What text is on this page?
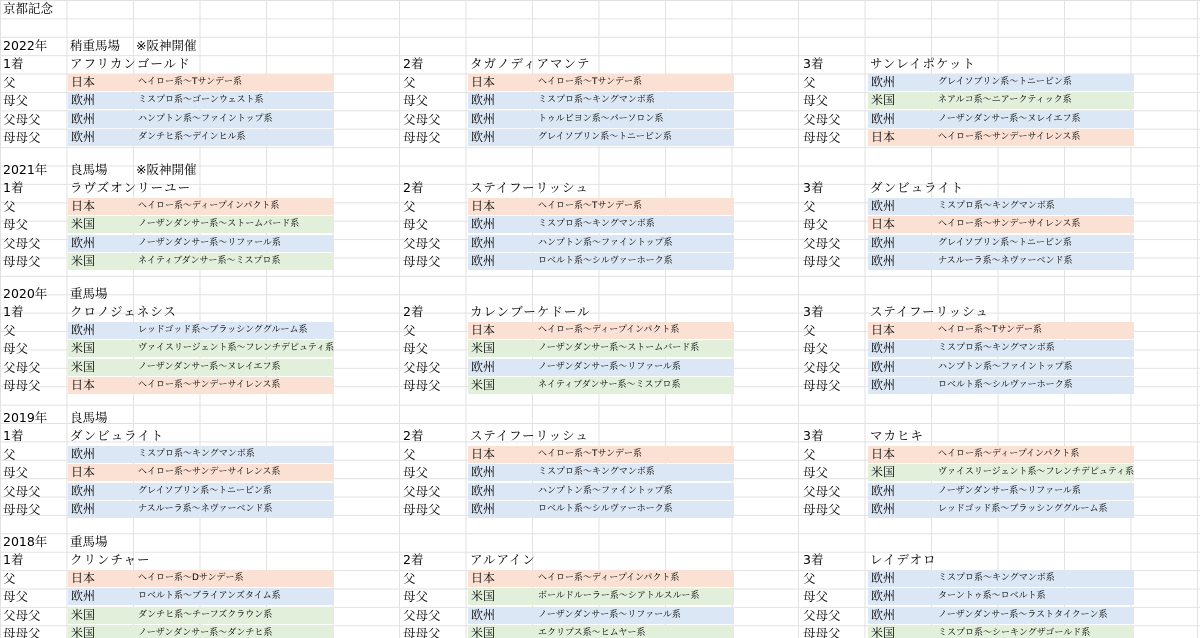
京都記念
2022年 稍重馬場 ※阪神開催
1着	アフリカンゴールド
父	日本	ヘイロー系〜Tサンデー系
母父	欧州	ミスプロ系〜ゴーンウェスト系
父母父	欧州	ハンプトン系〜ファイントップ系
母母父	欧州	ダンチヒ系〜デインヒル系
2着	タガノディアマンテ
父	日本	ヘイロー系〜Tサンデー系
母父	欧州	ミスプロ系〜キングマンボ系
父母父	欧州	トゥルビヨン系〜パーソロン系
母母父	欧州	グレイソブリン系〜トニービン系
3着	サンレイポケット
父	欧州	グレイソブリン系〜トニービン系
母父	米国	ネアルコ系〜ニアークティック系
父母父	欧州	ノーザンダンサー系〜ヌレイエフ系
母母父	日本	ヘイロー系〜サンデーサイレンス系
2021年 良馬場 ※阪神開催
1着	ラヴズオンリーユー
父	日本	ヘイロー系〜ディープインパクト系
母父	米国	ノーザンダンサー系〜ストームバード系
父母父	欧州	ノーザンダンサー系〜リファール系
母母父	米国	ネイティブダンサー系〜ミスプロ系
2着	ステイフーリッシュ
父	日本	ヘイロー系〜Tサンデー系
母父	欧州	ミスプロ系〜キングマンボ系
父母父	欧州	ハンプトン系〜ファイントップ系
母母父	欧州	ロベルト系〜シルヴァーホーク系
3着	ダンビュライト
父	欧州	ミスプロ系〜キングマンボ系
母父	日本	ヘイロー系〜サンデーサイレンス系
父母父	欧州	グレイソブリン系〜トニービン系
母母父	欧州	ナスルーラ系〜ネヴァーベンド系
2020年 重馬場
1着	クロノジェネシス
父	欧州	レッドゴッド系〜ブラッシンググルーム系
母父	米国	ヴァイスリージェント系〜フレンチデピュティ系
父母父	米国	ノーザンダンサー系〜ヌレイエフ系
母母父	日本	ヘイロー系〜サンデーサイレンス系
2着	カレンブーケドール
父	日本	ヘイロー系〜ディープインパクト系
母父	米国	ノーザンダンサー系〜ストームバード系
父母父	欧州	ノーザンダンサー系〜リファール系
母母父	米国	ネイティブダンサー系〜ミスプロ系
3着	ステイフーリッシュ
父	日本	ヘイロー系〜Tサンデー系
母父	欧州	ミスプロ系〜キングマンボ系
父母父	欧州	ハンプトン系〜ファイントップ系
母母父	欧州	ロベルト系〜シルヴァーホーク系
2019年 良馬場
1着	ダンビュライト
父	欧州	ミスプロ系〜キングマンボ系
母父	日本	ヘイロー系〜サンデーサイレンス系
父母父	欧州	グレイソブリン系〜トニービン系
母母父	欧州	ナスルーラ系〜ネヴァーベンド系
2着	ステイフーリッシュ
父	日本	ヘイロー系〜Tサンデー系
母父	欧州	ミスプロ系〜キングマンボ系
父母父	欧州	ハンプトン系〜ファイントップ系
母母父	欧州	ロベルト系〜シルヴァーホーク系
3着	マカヒキ
父	日本	ヘイロー系〜ディープインパクト系
母父	米国	ヴァイスリージェント系〜フレンチデピュティ系
父母父	欧州	ノーザンダンサー系〜リファール系
母母父	欧州	レッドゴッド系〜ブラッシンググルーム系
2018年 重馬場
1着	クリンチャー
父	日本	ヘイロー系〜Dサンデー系
母父	欧州	ロベルト系〜ブライアンズタイム系
父母父	米国	ダンチヒ系〜チーフズクラウン系
母母父	米国	ノーザンダンサー系〜ダンチヒ系
2着	アルアイン
父	日本	ヘイロー系〜ディープインパクト系
母父	米国	ボールドルーラー系〜シアトルスルー系
父母父	欧州	ノーザンダンサー系〜リファール系
母母父	米国	エクリプス系〜ヒムヤー系
3着	レイデオロ
父	欧州	ミスプロ系〜キングマンボ系
母父	欧州	ターントゥ系〜ロベルト系
父母父	欧州	ノーザンダンサー系〜ラストタイクーン系
母母父	米国	ミスプロ系〜シーキングザゴールド系
